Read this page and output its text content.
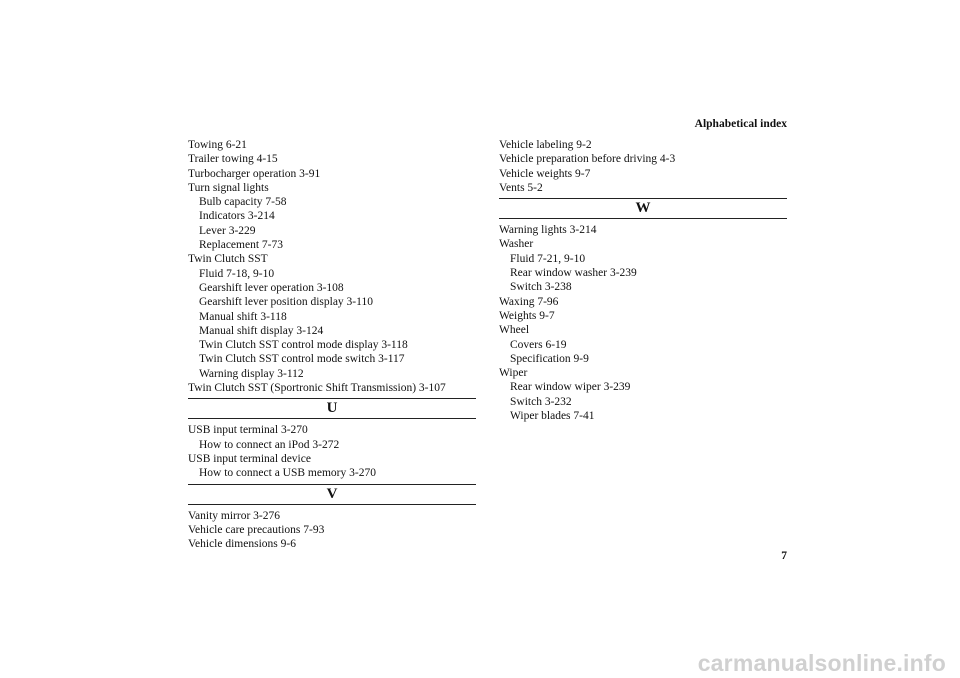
Alphabetical index
Towing 6-21
Trailer towing 4-15
Turbocharger operation 3-91
Turn signal lights
Bulb capacity 7-58
Indicators 3-214
Lever 3-229
Replacement 7-73
Twin Clutch SST
Fluid 7-18, 9-10
Gearshift lever operation 3-108
Gearshift lever position display 3-110
Manual shift 3-118
Manual shift display 3-124
Twin Clutch SST control mode display 3-118
Twin Clutch SST control mode switch 3-117
Warning display 3-112
Twin Clutch SST (Sportronic Shift Transmission) 3-107
U
USB input terminal 3-270
How to connect an iPod 3-272
USB input terminal device
How to connect a USB memory 3-270
V
Vanity mirror 3-276
Vehicle care precautions 7-93
Vehicle dimensions 9-6
Vehicle labeling 9-2
Vehicle preparation before driving 4-3
Vehicle weights 9-7
Vents 5-2
W
Warning lights 3-214
Washer
Fluid 7-21, 9-10
Rear window washer 3-239
Switch 3-238
Waxing 7-96
Weights 9-7
Wheel
Covers 6-19
Specification 9-9
Wiper
Rear window wiper 3-239
Switch 3-232
Wiper blades 7-41
7
carmanualsonline.info
